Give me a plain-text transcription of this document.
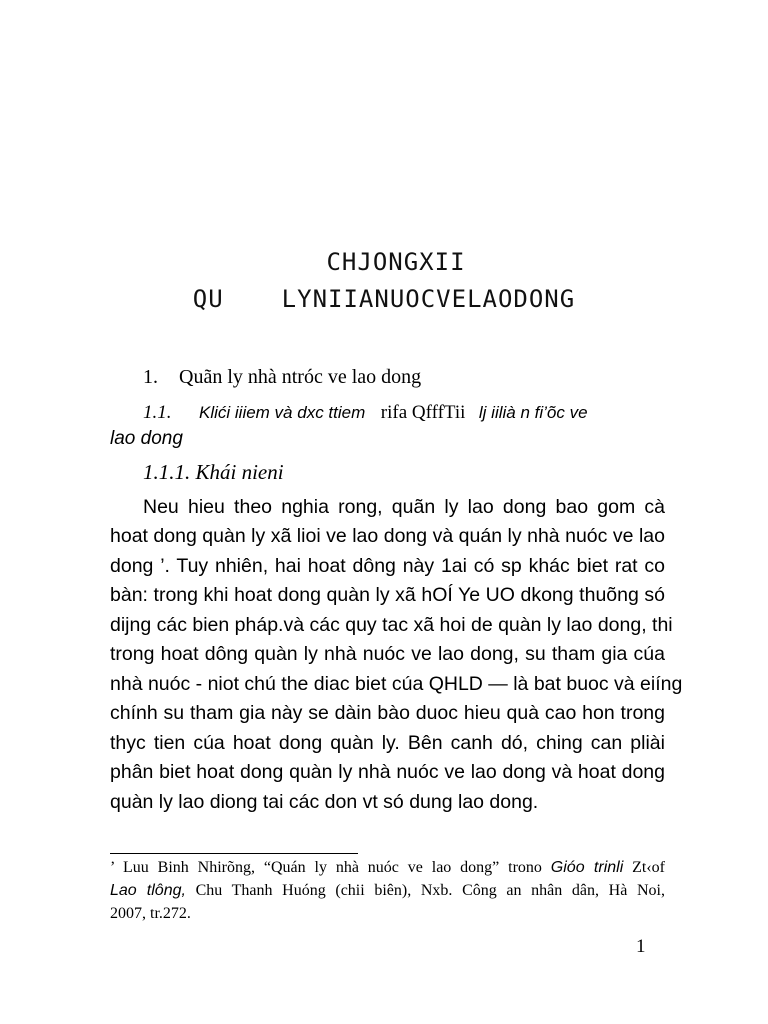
CHJONGXII
QU LYNIIANUOCVELAODONG
1. Quãn ly nhà ntróc ve lao dong
1.1. Klići iiiem và dxc ttiem rifa QfffTii lj iilià n fi’õc ve
lao dong
1.1.1. Khái nieni
Neu hieu theo nghia rong, quãn ly lao dong bao gom cà
hoat dong quàn ly xã lioi ve lao dong và quán ly nhà nuóc ve lao
dong ’. Tuy nhiên, hai hoat dông này 1ai có sp khác biet rat co
bàn: trong khi hoat dong quàn ly xã hOÍ Ye UO dkong thuõng só
dijng các bien pháp.và các quy tac xã hoi de quàn ly lao dong, thi
trong hoat dông quàn ly nhà nuóc ve lao dong, su tham gia cúa
nhà nuóc - niot chú the diac biet cúa QHLD — là bat buoc và eiíng
chính su tham gia này se dàin bào duoc hieu quà cao hon trong
thyc tien cúa hoat dong quàn ly. Bên canh dó, ching can pliài
phân biet hoat dong quàn ly nhà nuóc ve lao dong và hoat dong
quàn ly lao diong tai các don vt só dung lao dong.
’ Luu Binh Nhirõng, “Quán ly nhà nuóc ve lao dong” trono Gióo trinli Zt‹of
Lao tlông, Chu Thanh Huóng (chii biên), Nxb. Công an nhân dân, Hà Noi,
2007, tr.272.
1
